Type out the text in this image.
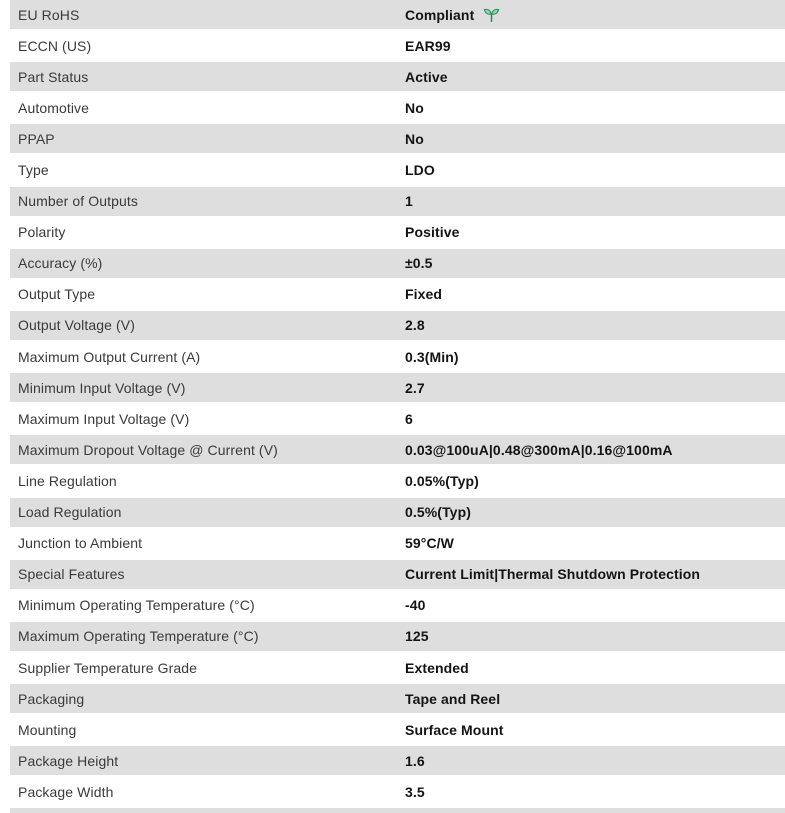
EU RoHS	Compliant
ECCN (US)	EAR99
Part Status	Active
Automotive	No
PPAP	No
Type	LDO
Number of Outputs	1
Polarity	Positive
Accuracy (%)	±0.5
Output Type	Fixed
Output Voltage (V)	2.8
Maximum Output Current (A)	0.3(Min)
Minimum Input Voltage (V)	2.7
Maximum Input Voltage (V)	6
Maximum Dropout Voltage @ Current (V)	0.03@100uA|0.48@300mA|0.16@100mA
Line Regulation	0.05%(Typ)
Load Regulation	0.5%(Typ)
Junction to Ambient	59°C/W
Special Features	Current Limit|Thermal Shutdown Protection
Minimum Operating Temperature (°C)	-40
Maximum Operating Temperature (°C)	125
Supplier Temperature Grade	Extended
Packaging	Tape and Reel
Mounting	Surface Mount
Package Height	1.6
Package Width	3.5
